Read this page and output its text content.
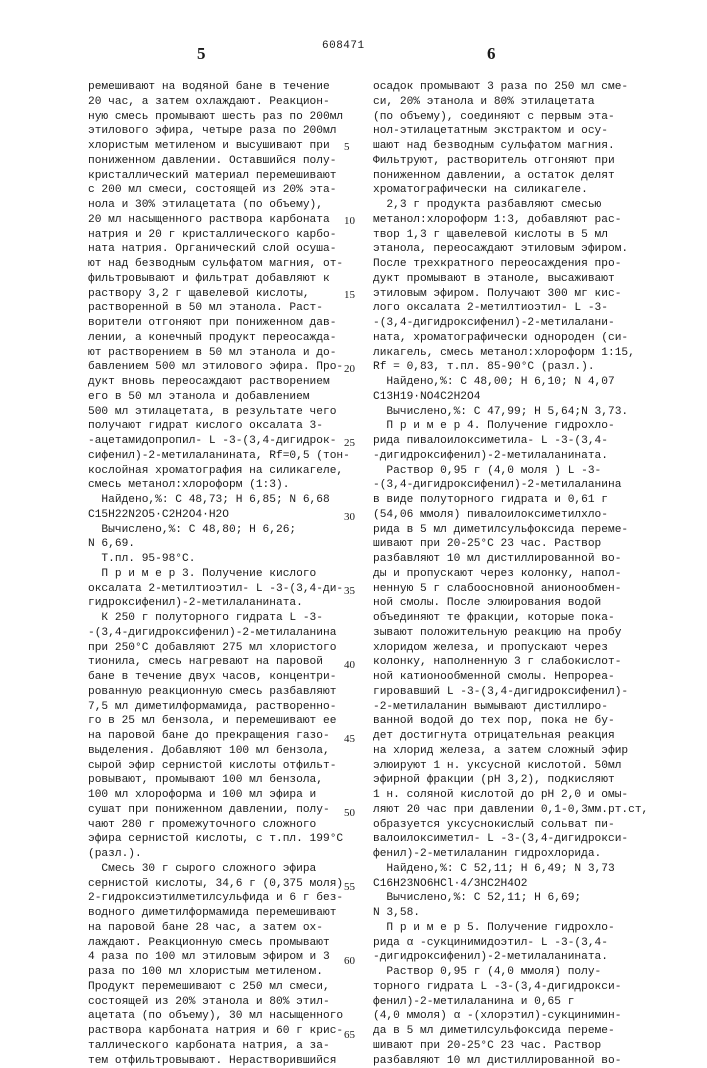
5	608471	6
ремешивают на водяной бане в течение
20 час, а затем охлаждают. Реакцион-
ную смесь промывают шесть раз по 200мл
этилового эфира, четыре раза по 200мл
хлористым метиленом и высушивают при
пониженном давлении. Оставшийся полу-
кристаллический материал перемешивают
с 200 мл смеси, состоящей из 20% эта-
нола и 30% этилацетата (по объему),
20 мл насыщенного раствора карбоната
натрия и 20 г кристаллического карбо-
ната натрия. Органический слой осуша-
ют над безводным сульфатом магния, от-
фильтровывают и фильтрат добавляют к
раствору 3,2 г щавелевой кислоты,
растворенной в 50 мл этанола. Раст-
ворители отгоняют при пониженном дав-
лении, а конечный продукт переосаждa-
ют растворением в 50 мл этанола и до-
бавлением 500 мл этилового эфира. Про-
дукт вновь переосаждают растворением
его в 50 мл этанола и добавлением
500 мл этилацетата, в результате чего
получают гидрат кислого оксалата 3-
-ацетамидопропил- L -3-(3,4-дигидрок-
сифенил)-2-метилаланината, Rf=0,5 (тон-
кослойная хроматография на силикагеле,
смесь метанол:хлороформ (1:3).
Найдено,%: С 48,73; Н 6,85; N 6,68
C15H22N2O5·C2H2O4·H2O
Вычислено,%: С 48,80; Н 6,26;
N 6,69.
Т.пл. 95-98°С.
П р и м е р 3. Получение кислого
оксалата 2-метилтиоэтил- L -3-(3,4-ди-
гидроксифенил)-2-метилаланината.
К 250 г полуторного гидрата L -3-
-(3,4-дигидроксифенил)-2-метилаланина
при 250°С добавляют 275 мл хлористого
тионила, смесь нагревают на паровой
бане в течение двух часов, концентри-
рованную реакционную смесь разбавляют
7,5 мл диметилформамида, растворенно-
го в 25 мл бензола, и перемешивают ее
на паровой бане до прекращения газо-
выделения. Добавляют 100 мл бензола,
сырой эфир сернистой кислоты отфильт-
ровывают, промывают 100 мл бензола,
100 мл хлороформа и 100 мл эфира и
сушат при пониженном давлении, полу-
чают 280 г промежуточного сложного
эфира сернистой кислоты, с т.пл. 199°С
(разл.).
Смесь 30 г сырого сложного эфира
сернистой кислоты, 34,6 г (0,375 моля)
2-гидроксиэтилметилсульфида и 6 г без-
водного диметилформамида перемешивают
на паровой бане 28 час, а затем ох-
лаждают. Реакционную смесь промывают
4 раза по 100 мл этиловым эфиром и 3
раза по 100 мл хлористым метиленом.
Продукт перемешивают с 250 мл смеси,
состоящей из 20% этанола и 80% этил-
ацетата (по объему), 30 мл насыщенного
раствора карбоната натрия и 60 г крис-
таллического карбоната натрия, а за-
тем отфильтровывают. Нерастворившийся
5
10
15
20
25
30
35
40
45
50
55
60
65
осадок промывают 3 раза по 250 мл сме-
си, 20% этанола и 80% этилацетата
(по объему), соединяют с первым эта-
нол-этилацетатным экстрактом и осу-
шают над безводным сульфатом магния.
Фильтруют, растворитель отгоняют при
пониженном давлении, а остаток делят
хроматографически на силикагеле.
2,3 г продукта разбавляют смесью
метанол:хлороформ 1:3, добавляют рас-
твор 1,3 г щавелевой кислоты в 5 мл
этанола, переосаждают этиловым эфиром.
После трехкратного переосаждения про-
дукт промывают в этаноле, высаживают
этиловым эфиром. Получают 300 мг кис-
лого оксалата 2-метилтиоэтил- L -3-
-(3,4-дигидроксифенил)-2-метилалани-
ната, хроматографически однороден (си-
ликагель, смесь метанол:хлороформ 1:15,
Rf = 0,83, т.пл. 85-90°С (разл.).
Найдено,%: С 48,00; Н 6,10; N 4,07
C13H19·NO4C2H2O4
Вычислено,%: С 47,99; Н 5,64;N 3,73.
П р и м е р 4. Получение гидрохло-
рида пивалоилоксиметила- L -3-(3,4-
-дигидроксифенил)-2-метилаланината.
Раствор 0,95 г (4,0 моля ) L -3-
-(3,4-дигидроксифенил)-2-метилаланина
в виде полуторного гидрата и 0,61 г
(54,06 ммоля) пивалоилоксиметилхло-
рида в 5 мл диметилсульфоксида переме-
шивают при 20-25°С 23 час. Раствор
разбавляют 10 мл дистиллированной во-
ды и пропускают через колонку, напол-
ненную 5 г слабоосновной анионообмен-
ной смолы. После элюирования водой
объединяют те фракции, которые пока-
зывают положительную реакцию на пробу
хлоридом железа, и пропускают через
колонку, наполненную 3 г слабокислот-
ной катионообменной смолы. Непрореа-
гировавший L -3-(3,4-дигидроксифенил)-
-2-метилаланин вымывают дистиллиро-
ванной водой до тех пор, пока не бу-
дет достигнута отрицательная реакция
на хлорид железа, а затем сложный эфир
элюируют 1 н. уксусной кислотой. 50мл
эфирной фракции (рН 3,2), подкисляют
1 н. соляной кислотой до рН 2,0 и омы-
ляют 20 час при давлении 0,1-0,3мм.рт.ст,
образуется уксуснокислый сольват пи-
валоилоксиметил- L -3-(3,4-дигидрокси-
фенил)-2-метилаланин гидрохлорида.
Найдено,%: С 52,11; Н 6,49; N 3,73
C16H23NO6HCl·4/3HC2H4O2
Вычислено,%: С 52,11; Н 6,69;
N 3,58.
П р и м е р 5. Получение гидрохло-
рида α -сукцинимидоэтил- L -3-(3,4-
-дигидроксифенил)-2-метилаланината.
Раствор 0,95 г (4,0 ммоля) полу-
торного гидрата L -3-(3,4-дигидрокси-
фенил)-2-метилаланина и 0,65 г
(4,0 ммоля) α -(хлорэтил)-сукцинимин-
да в 5 мл диметилсульфоксида переме-
шивают при 20-25°С 23 час. Раствор
разбавляют 10 мл дистиллированной во-
